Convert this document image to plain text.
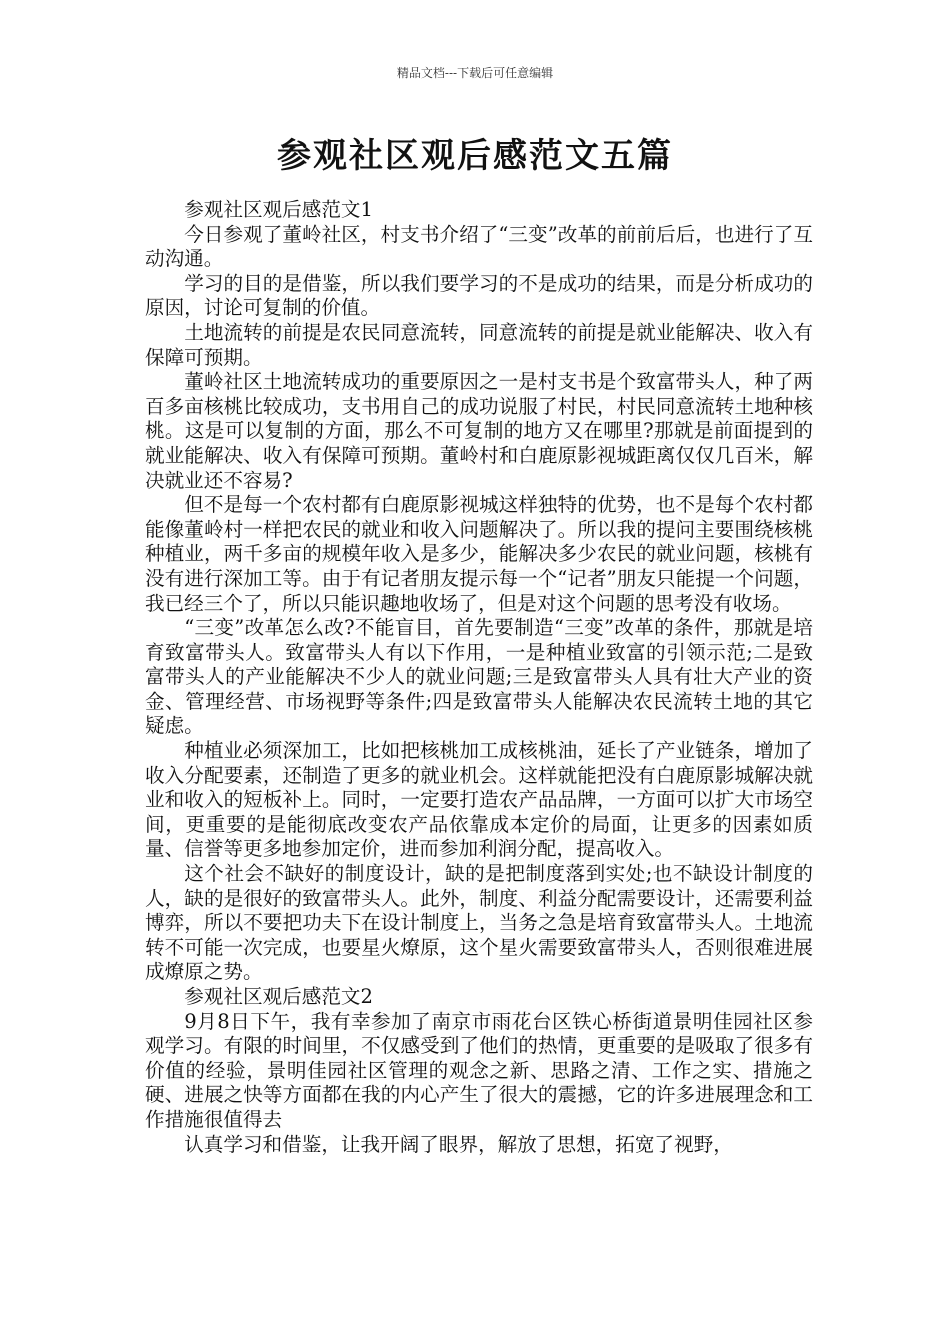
精品文档---下载后可任意编辑
参观社区观后感范文五篇

参观社区观后感范文1

今日参观了董岭社区，村支书介绍了“三变”改革的前前后后，也进行了互动沟通。

学习的目的是借鉴，所以我们要学习的不是成功的结果，而是分析成功的原因，讨论可复制的价值。

土地流转的前提是农民同意流转，同意流转的前提是就业能解决、收入有保障可预期。

董岭社区土地流转成功的重要原因之一是村支书是个致富带头人，种了两百多亩核桃比较成功，支书用自己的成功说服了村民，村民同意流转土地种核桃。这是可以复制的方面，那么不可复制的地方又在哪里?那就是前面提到的就业能解决、收入有保障可预期。董岭村和白鹿原影视城距离仅仅几百米，解决就业还不容易?

但不是每一个农村都有白鹿原影视城这样独特的优势，也不是每个农村都能像董岭村一样把农民的就业和收入问题解决了。所以我的提问主要围绕核桃种植业，两千多亩的规模年收入是多少，能解决多少农民的就业问题，核桃有没有进行深加工等。由于有记者朋友提示每一个“记者”朋友只能提一个问题，我已经三个了，所以只能识趣地收场了，但是对这个问题的思考没有收场。

“三变”改革怎么改?不能盲目，首先要制造“三变”改革的条件，那就是培育致富带头人。致富带头人有以下作用，一是种植业致富的引领示范;二是致富带头人的产业能解决不少人的就业问题;三是致富带头人具有壮大产业的资金、管理经营、市场视野等条件;四是致富带头人能解决农民流转土地的其它疑虑。

种植业必须深加工，比如把核桃加工成核桃油，延长了产业链条，增加了收入分配要素，还制造了更多的就业机会。这样就能把没有白鹿原影城解决就业和收入的短板补上。同时，一定要打造农产品品牌，一方面可以扩大市场空间，更重要的是能彻底改变农产品依靠成本定价的局面，让更多的因素如质量、信誉等更多地参加定价，进而参加利润分配，提高收入。

这个社会不缺好的制度设计，缺的是把制度落到实处;也不缺设计制度的人，缺的是很好的致富带头人。此外，制度、利益分配需要设计，还需要利益博弈，所以不要把功夫下在设计制度上，当务之急是培育致富带头人。土地流转不可能一次完成，也要星火燎原，这个星火需要致富带头人，否则很难进展成燎原之势。

参观社区观后感范文2

9月8日下午，我有幸参加了南京市雨花台区铁心桥街道景明佳园社区参观学习。有限的时间里，不仅感受到了他们的热情，更重要的是吸取了很多有价值的经验，景明佳园社区管理的观念之新、思路之清、工作之实、措施之硬、进展之快等方面都在我的内心产生了很大的震撼，它的许多进展理念和工作措施很值得去

认真学习和借鉴，让我开阔了眼界，解放了思想，拓宽了视野，
